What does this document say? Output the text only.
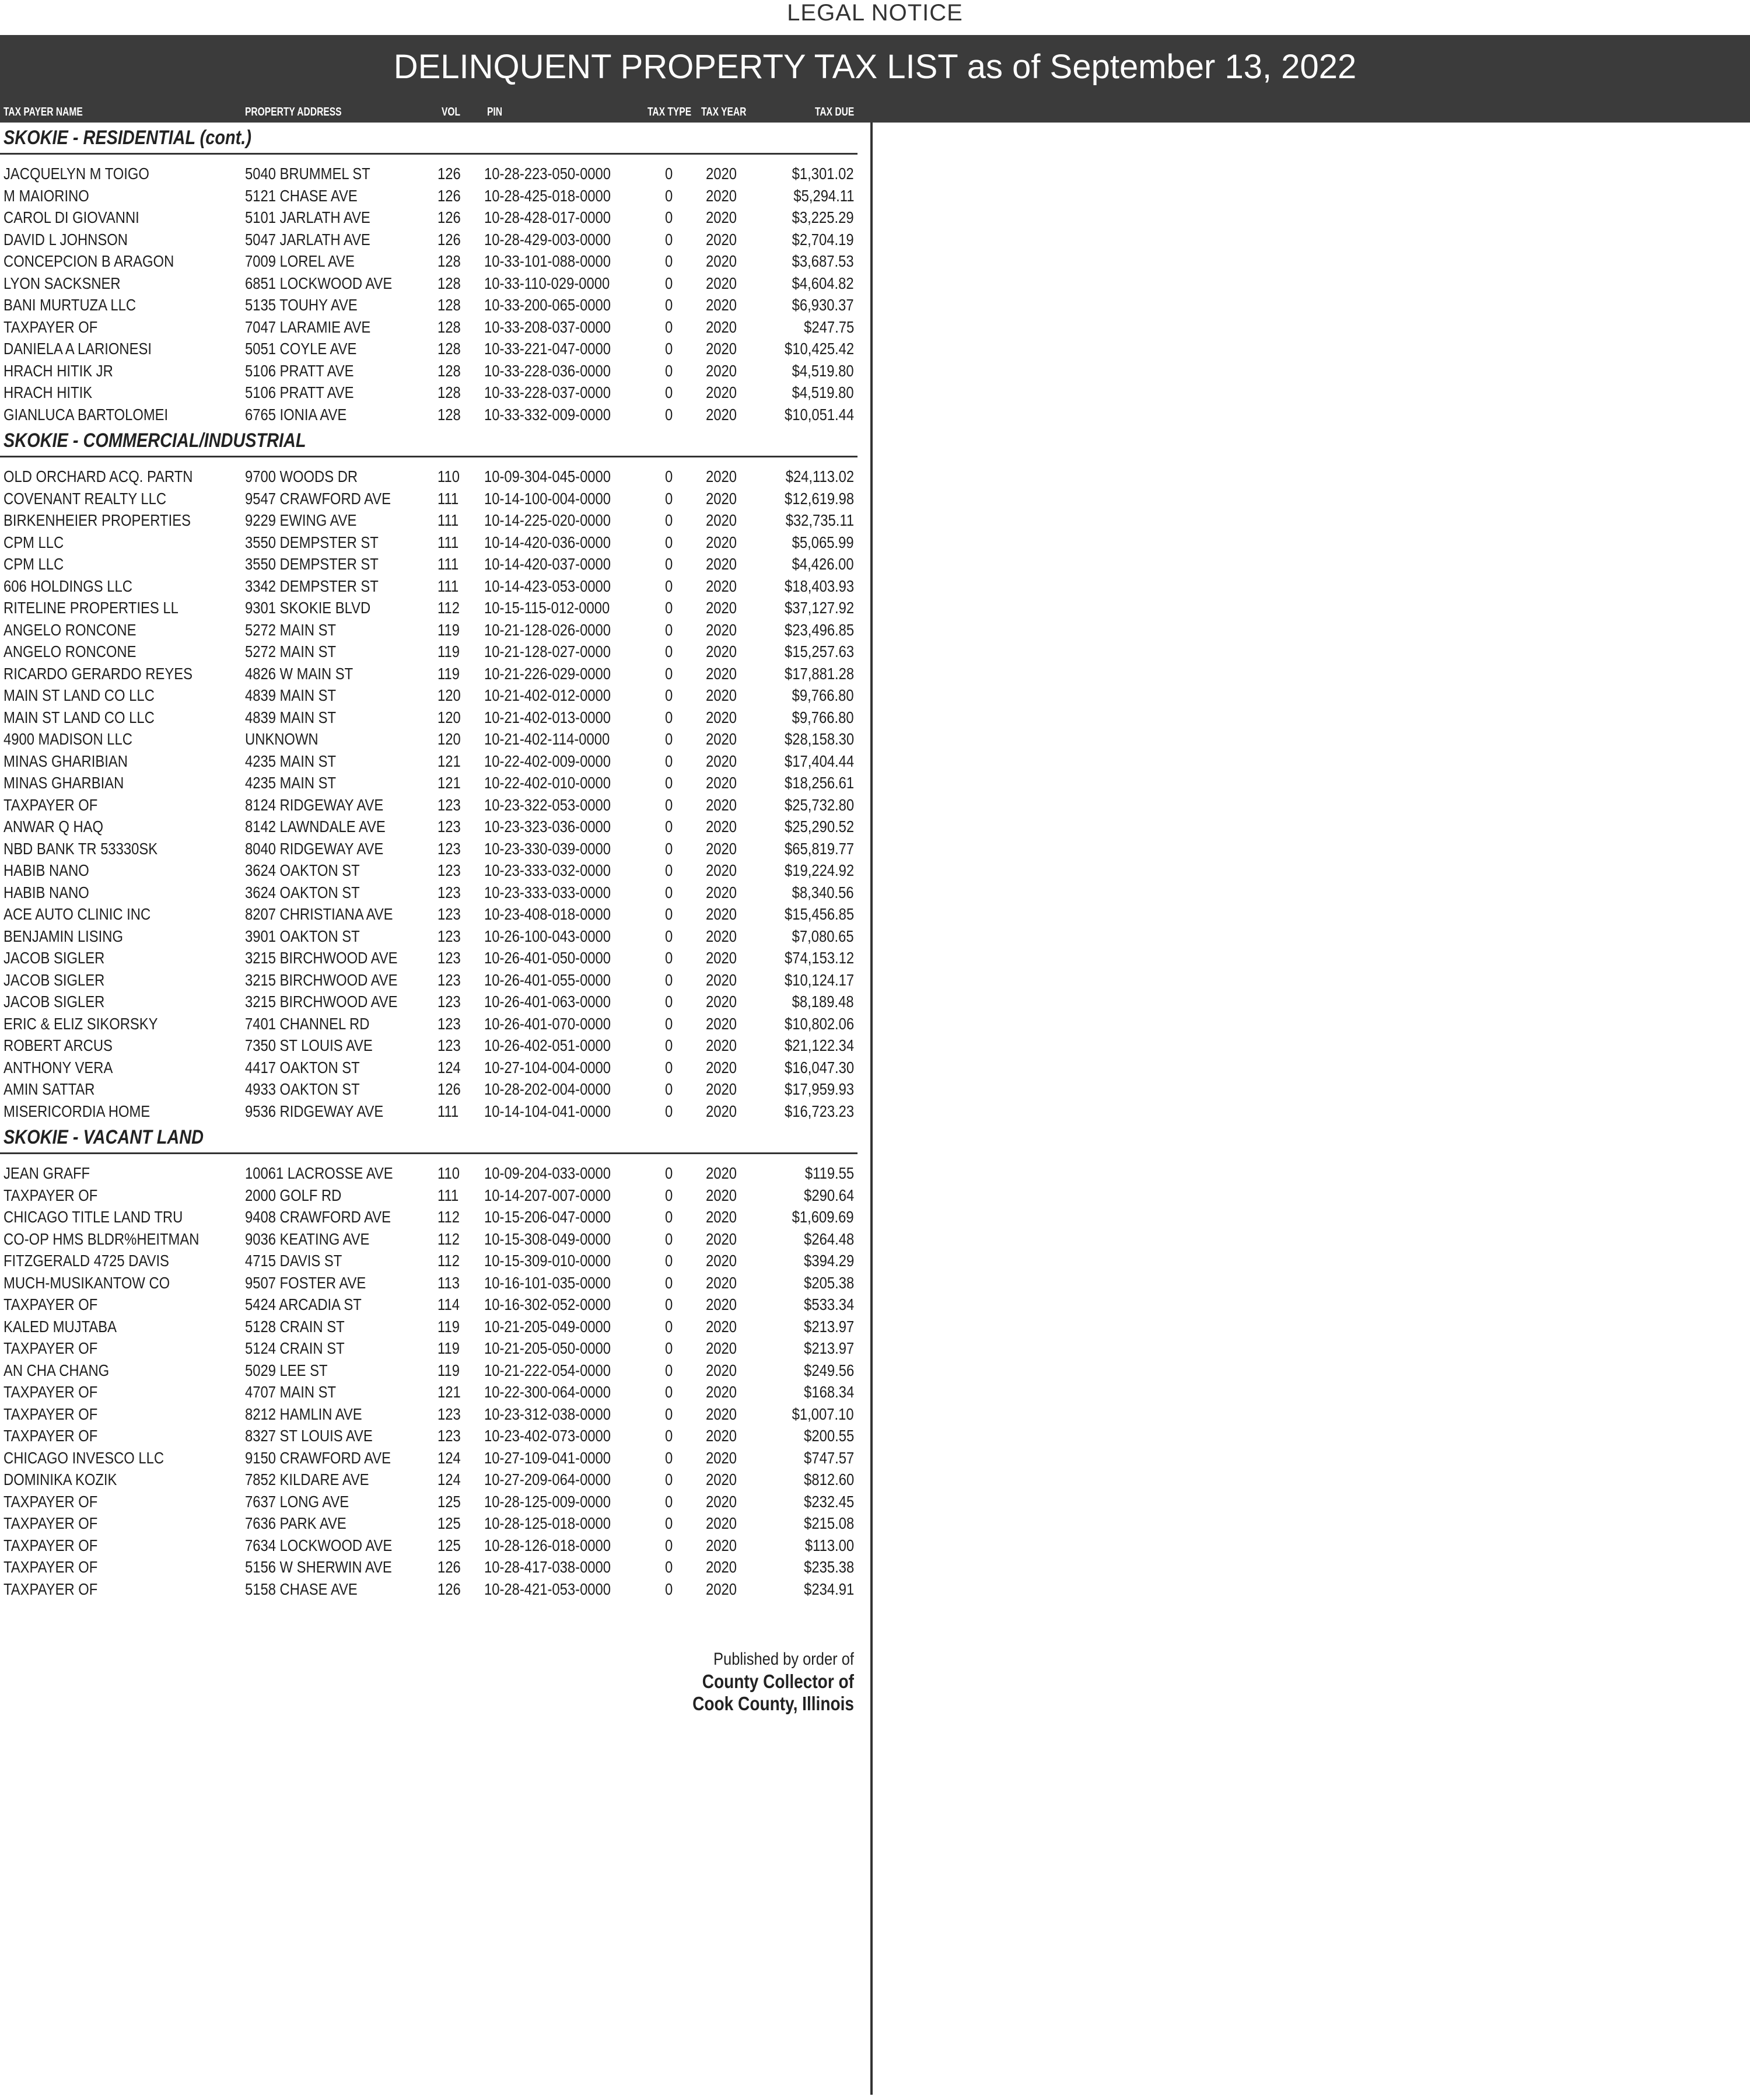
LEGAL NOTICE
DELINQUENT PROPERTY TAX LIST as of September 13, 2022
TAX PAYER NAME	PROPERTY ADDRESS	VOL PIN	TAX TYPE TAX YEAR	TAX DUE
SKOKIE - RESIDENTIAL (cont.)
JACQUELYN M TOIGO	5040 BRUMMEL ST	126 10-28-223-050-0000	0 2020	$1,301.02
M MAIORINO	5121 CHASE AVE	126 10-28-425-018-0000	0 2020	$5,294.11
CAROL DI GIOVANNI	5101 JARLATH AVE	126 10-28-428-017-0000	0 2020	$3,225.29
DAVID L JOHNSON	5047 JARLATH AVE	126 10-28-429-003-0000	0 2020	$2,704.19
CONCEPCION B ARAGON	7009 LOREL AVE	128 10-33-101-088-0000	0 2020	$3,687.53
LYON SACKSNER	6851 LOCKWOOD AVE	128 10-33-110-029-0000	0 2020	$4,604.82
BANI MURTUZA LLC	5135 TOUHY AVE	128 10-33-200-065-0000	0 2020	$6,930.37
TAXPAYER OF	7047 LARAMIE AVE	128 10-33-208-037-0000	0 2020	$247.75
DANIELA A LARIONESI	5051 COYLE AVE	128 10-33-221-047-0000	0 2020	$10,425.42
HRACH HITIK JR	5106 PRATT AVE	128 10-33-228-036-0000	0 2020	$4,519.80
HRACH HITIK	5106 PRATT AVE	128 10-33-228-037-0000	0 2020	$4,519.80
GIANLUCA BARTOLOMEI	6765 IONIA AVE	128 10-33-332-009-0000	0 2020	$10,051.44
SKOKIE - COMMERCIAL/INDUSTRIAL
OLD ORCHARD ACQ. PARTN	9700 WOODS DR	110 10-09-304-045-0000	0 2020	$24,113.02
COVENANT REALTY LLC	9547 CRAWFORD AVE	111 10-14-100-004-0000	0 2020	$12,619.98
BIRKENHEIER PROPERTIES	9229 EWING AVE	111 10-14-225-020-0000	0 2020	$32,735.11
CPM LLC	3550 DEMPSTER ST	111 10-14-420-036-0000	0 2020	$5,065.99
CPM LLC	3550 DEMPSTER ST	111 10-14-420-037-0000	0 2020	$4,426.00
606 HOLDINGS LLC	3342 DEMPSTER ST	111 10-14-423-053-0000	0 2020	$18,403.93
RITELINE PROPERTIES LL	9301 SKOKIE BLVD	112 10-15-115-012-0000	0 2020	$37,127.92
ANGELO RONCONE	5272 MAIN ST	119 10-21-128-026-0000	0 2020	$23,496.85
ANGELO RONCONE	5272 MAIN ST	119 10-21-128-027-0000	0 2020	$15,257.63
RICARDO GERARDO REYES	4826 W MAIN ST	119 10-21-226-029-0000	0 2020	$17,881.28
MAIN ST LAND CO LLC	4839 MAIN ST	120 10-21-402-012-0000	0 2020	$9,766.80
MAIN ST LAND CO LLC	4839 MAIN ST	120 10-21-402-013-0000	0 2020	$9,766.80
4900 MADISON LLC	UNKNOWN	120 10-21-402-114-0000	0 2020	$28,158.30
MINAS GHARIBIAN	4235 MAIN ST	121 10-22-402-009-0000	0 2020	$17,404.44
MINAS GHARBIAN	4235 MAIN ST	121 10-22-402-010-0000	0 2020	$18,256.61
TAXPAYER OF	8124 RIDGEWAY AVE	123 10-23-322-053-0000	0 2020	$25,732.80
ANWAR Q HAQ	8142 LAWNDALE AVE	123 10-23-323-036-0000	0 2020	$25,290.52
NBD BANK TR 53330SK	8040 RIDGEWAY AVE	123 10-23-330-039-0000	0 2020	$65,819.77
HABIB NANO	3624 OAKTON ST	123 10-23-333-032-0000	0 2020	$19,224.92
HABIB NANO	3624 OAKTON ST	123 10-23-333-033-0000	0 2020	$8,340.56
ACE AUTO CLINIC INC	8207 CHRISTIANA AVE	123 10-23-408-018-0000	0 2020	$15,456.85
BENJAMIN LISING	3901 OAKTON ST	123 10-26-100-043-0000	0 2020	$7,080.65
JACOB SIGLER	3215 BIRCHWOOD AVE 123 10-26-401-050-0000	0 2020	$74,153.12
JACOB SIGLER	3215 BIRCHWOOD AVE 123 10-26-401-055-0000	0 2020	$10,124.17
JACOB SIGLER	3215 BIRCHWOOD AVE 123 10-26-401-063-0000	0 2020	$8,189.48
ERIC & ELIZ SIKORSKY	7401 CHANNEL RD	123 10-26-401-070-0000	0 2020	$10,802.06
ROBERT ARCUS	7350 ST LOUIS AVE	123 10-26-402-051-0000	0 2020	$21,122.34
ANTHONY VERA	4417 OAKTON ST	124 10-27-104-004-0000	0 2020	$16,047.30
AMIN SATTAR	4933 OAKTON ST	126 10-28-202-004-0000	0 2020	$17,959.93
MISERICORDIA HOME	9536 RIDGEWAY AVE	111 10-14-104-041-0000	0 2020	$16,723.23
SKOKIE - VACANT LAND
JEAN GRAFF	10061 LACROSSE AVE	110 10-09-204-033-0000	0 2020	$119.55
TAXPAYER OF	2000 GOLF RD	111 10-14-207-007-0000	0 2020	$290.64
CHICAGO TITLE LAND TRU	9408 CRAWFORD AVE	112 10-15-206-047-0000	0 2020	$1,609.69
CO-OP HMS BLDR%HEITMAN	9036 KEATING AVE	112 10-15-308-049-0000	0 2020	$264.48
FITZGERALD 4725 DAVIS	4715 DAVIS ST	112 10-15-309-010-0000	0 2020	$394.29
MUCH-MUSIKANTOW CO	9507 FOSTER AVE	113 10-16-101-035-0000	0 2020	$205.38
TAXPAYER OF	5424 ARCADIA ST	114 10-16-302-052-0000	0 2020	$533.34
KALED MUJTABA	5128 CRAIN ST	119 10-21-205-049-0000	0 2020	$213.97
TAXPAYER OF	5124 CRAIN ST	119 10-21-205-050-0000	0 2020	$213.97
AN CHA CHANG	5029 LEE ST	119 10-21-222-054-0000	0 2020	$249.56
TAXPAYER OF	4707 MAIN ST	121 10-22-300-064-0000	0 2020	$168.34
TAXPAYER OF	8212 HAMLIN AVE	123 10-23-312-038-0000	0 2020	$1,007.10
TAXPAYER OF	8327 ST LOUIS AVE	123 10-23-402-073-0000	0 2020	$200.55
CHICAGO INVESCO LLC	9150 CRAWFORD AVE	124 10-27-109-041-0000	0 2020	$747.57
DOMINIKA KOZIK	7852 KILDARE AVE	124 10-27-209-064-0000	0 2020	$812.60
TAXPAYER OF	7637 LONG AVE	125 10-28-125-009-0000	0 2020	$232.45
TAXPAYER OF	7636 PARK AVE	125 10-28-125-018-0000	0 2020	$215.08
TAXPAYER OF	7634 LOCKWOOD AVE	125 10-28-126-018-0000	0 2020	$113.00
TAXPAYER OF	5156 W SHERWIN AVE	126 10-28-417-038-0000	0 2020	$235.38
TAXPAYER OF	5158 CHASE AVE	126 10-28-421-053-0000	0 2020	$234.91
Published by order of
County Collector of
Cook County, Illinois
